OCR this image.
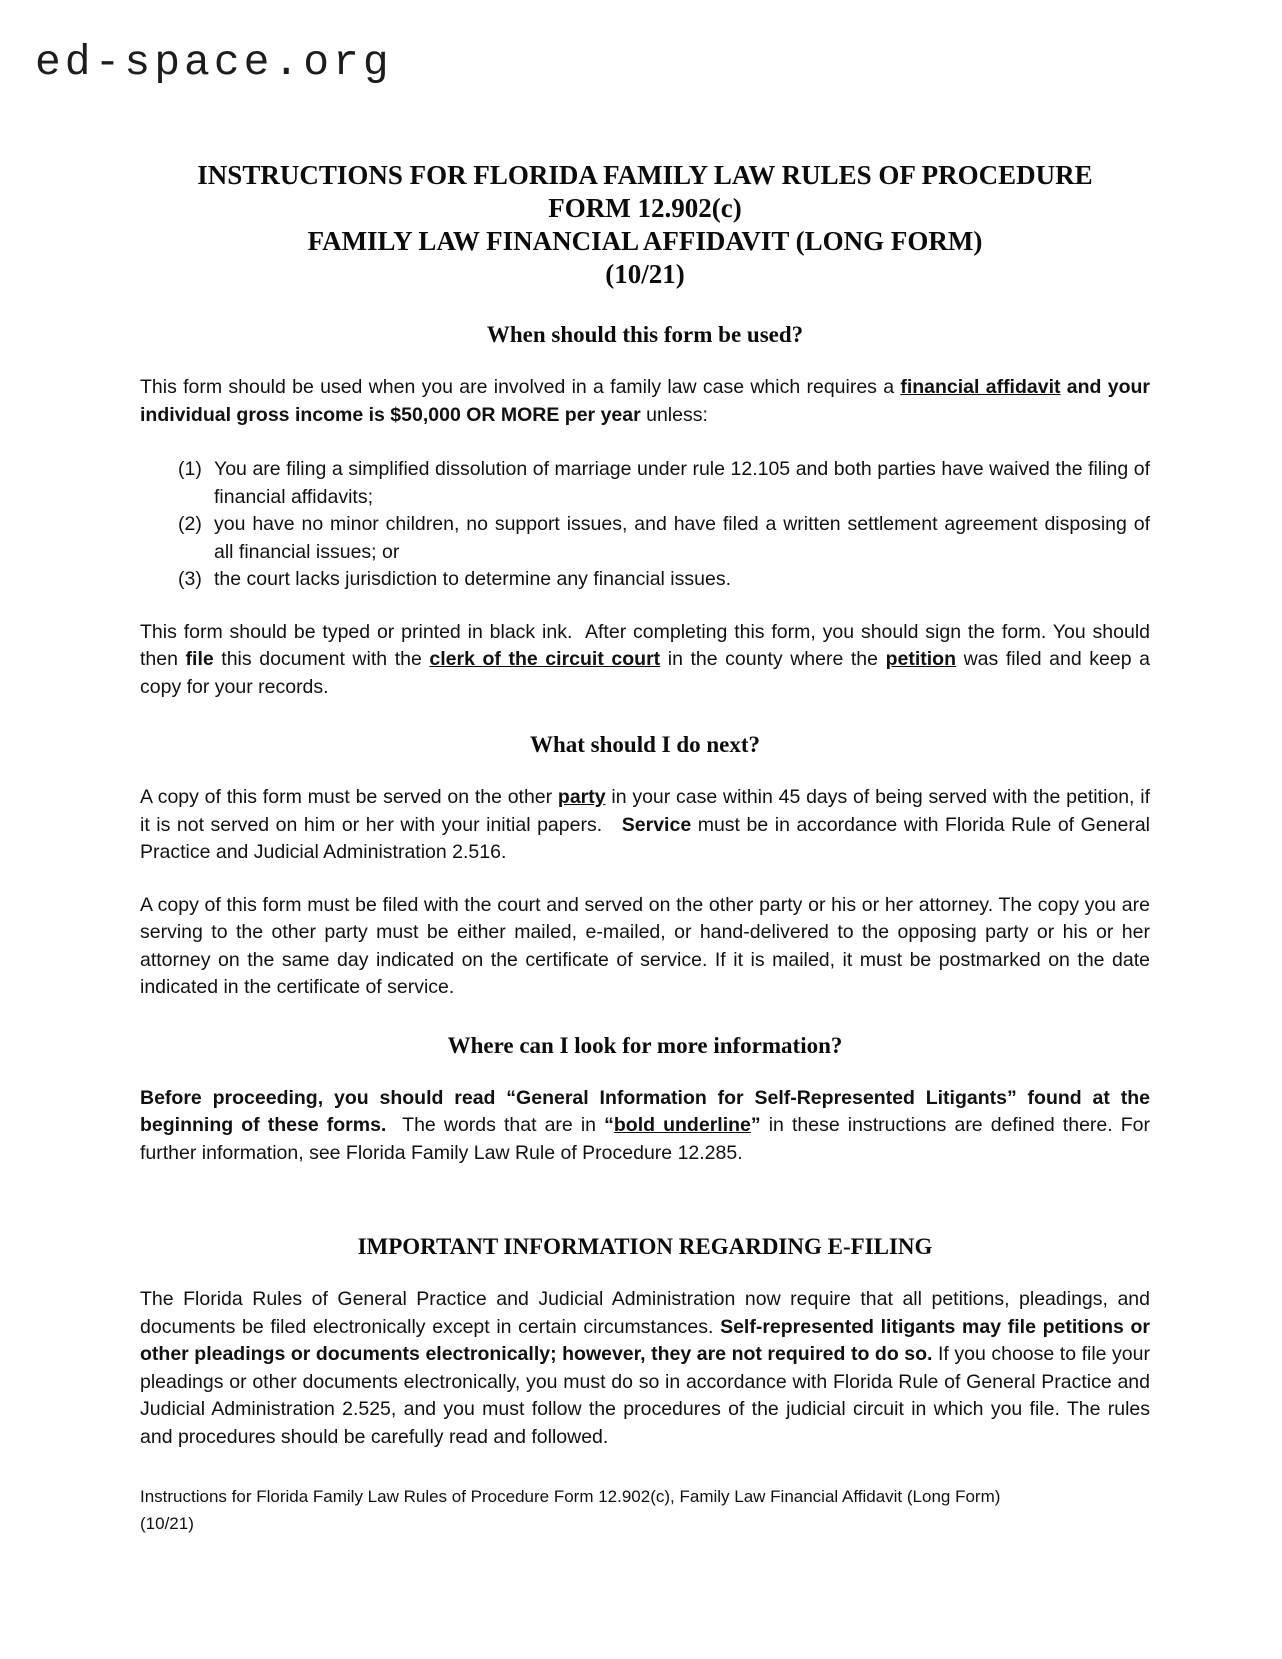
ed-space.org
INSTRUCTIONS FOR FLORIDA FAMILY LAW RULES OF PROCEDURE
FORM 12.902(c)
FAMILY LAW FINANCIAL AFFIDAVIT (LONG FORM)
(10/21)
When should this form be used?

This form should be used when you are involved in a family law case which requires a financial affidavit and your individual gross income is $50,000 OR MORE per year unless:

(1) You are filing a simplified dissolution of marriage under rule 12.105 and both parties have waived the filing of financial affidavits;
(2) you have no minor children, no support issues, and have filed a written settlement agreement disposing of all financial issues; or
(3) the court lacks jurisdiction to determine any financial issues.

This form should be typed or printed in black ink.  After completing this form, you should sign the form. You should then file this document with the clerk of the circuit court in the county where the petition was filed and keep a copy for your records.

What should I do next?

A copy of this form must be served on the other party in your case within 45 days of being served with the petition, if it is not served on him or her with your initial papers.   Service must be in accordance with Florida Rule of General Practice and Judicial Administration 2.516.

A copy of this form must be filed with the court and served on the other party or his or her attorney. The copy you are serving to the other party must be either mailed, e-mailed, or hand-delivered to the opposing party or his or her attorney on the same day indicated on the certificate of service. If it is mailed, it must be postmarked on the date indicated in the certificate of service.

Where can I look for more information?

Before proceeding, you should read “General Information for Self-Represented Litigants” found at the beginning of these forms.  The words that are in “bold underline” in these instructions are defined there. For further information, see Florida Family Law Rule of Procedure 12.285.

IMPORTANT INFORMATION REGARDING E-FILING

The Florida Rules of General Practice and Judicial Administration now require that all petitions, pleadings, and documents be filed electronically except in certain circumstances. Self-represented litigants may file petitions or other pleadings or documents electronically; however, they are not required to do so. If you choose to file your pleadings or other documents electronically, you must do so in accordance with Florida Rule of General Practice and Judicial Administration 2.525, and you must follow the procedures of the judicial circuit in which you file. The rules and procedures should be carefully read and followed.

Instructions for Florida Family Law Rules of Procedure Form 12.902(c), Family Law Financial Affidavit (Long Form)
(10/21)
